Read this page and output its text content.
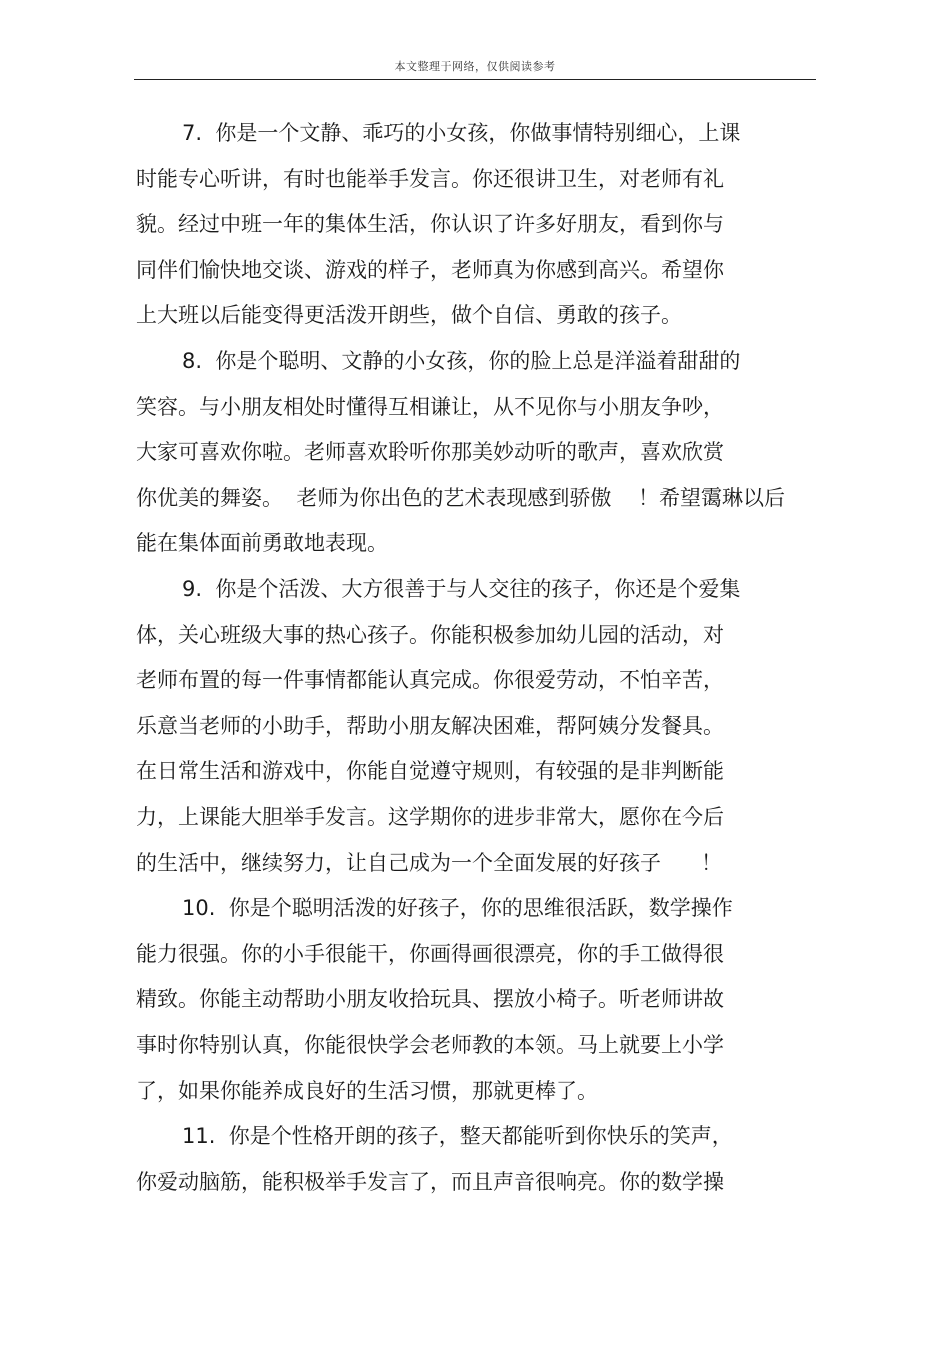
本文整理于网络，仅供阅读参考
7.  你是一个文静、乖巧的小女孩，你做事情特别细心，上课
时能专心听讲，有时也能举手发言。你还很讲卫生，对老师有礼
貌。经过中班一年的集体生活，你认识了许多好朋友，看到你与
同伴们愉快地交谈、游戏的样子，老师真为你感到高兴。希望你
上大班以后能变得更活泼开朗些，做个自信、勇敢的孩子。
8.  你是个聪明、文静的小女孩，你的脸上总是洋溢着甜甜的
笑容。与小朋友相处时懂得互相谦让，从不见你与小朋友争吵，
大家可喜欢你啦。老师喜欢聆听你那美妙动听的歌声，喜欢欣赏
你优美的舞姿。  老师为你出色的艺术表现感到骄傲    ！希望霭琳以后
能在集体面前勇敢地表现。
9.  你是个活泼、大方很善于与人交往的孩子，你还是个爱集
体，关心班级大事的热心孩子。你能积极参加幼儿园的活动，对
老师布置的每一件事情都能认真完成。你很爱劳动，不怕辛苦，
乐意当老师的小助手，帮助小朋友解决困难，帮阿姨分发餐具。
在日常生活和游戏中，你能自觉遵守规则，有较强的是非判断能
力，上课能大胆举手发言。这学期你的进步非常大，愿你在今后
的生活中，继续努力，让自己成为一个全面发展的好孩子      ！
10.  你是个聪明活泼的好孩子，你的思维很活跃，数学操作
能力很强。你的小手很能干，你画得画很漂亮，你的手工做得很
精致。你能主动帮助小朋友收拾玩具、摆放小椅子。听老师讲故
事时你特别认真，你能很快学会老师教的本领。马上就要上小学
了，如果你能养成良好的生活习惯，那就更棒了。
11.  你是个性格开朗的孩子，整天都能听到你快乐的笑声，
你爱动脑筋，能积极举手发言了，而且声音很响亮。你的数学操
